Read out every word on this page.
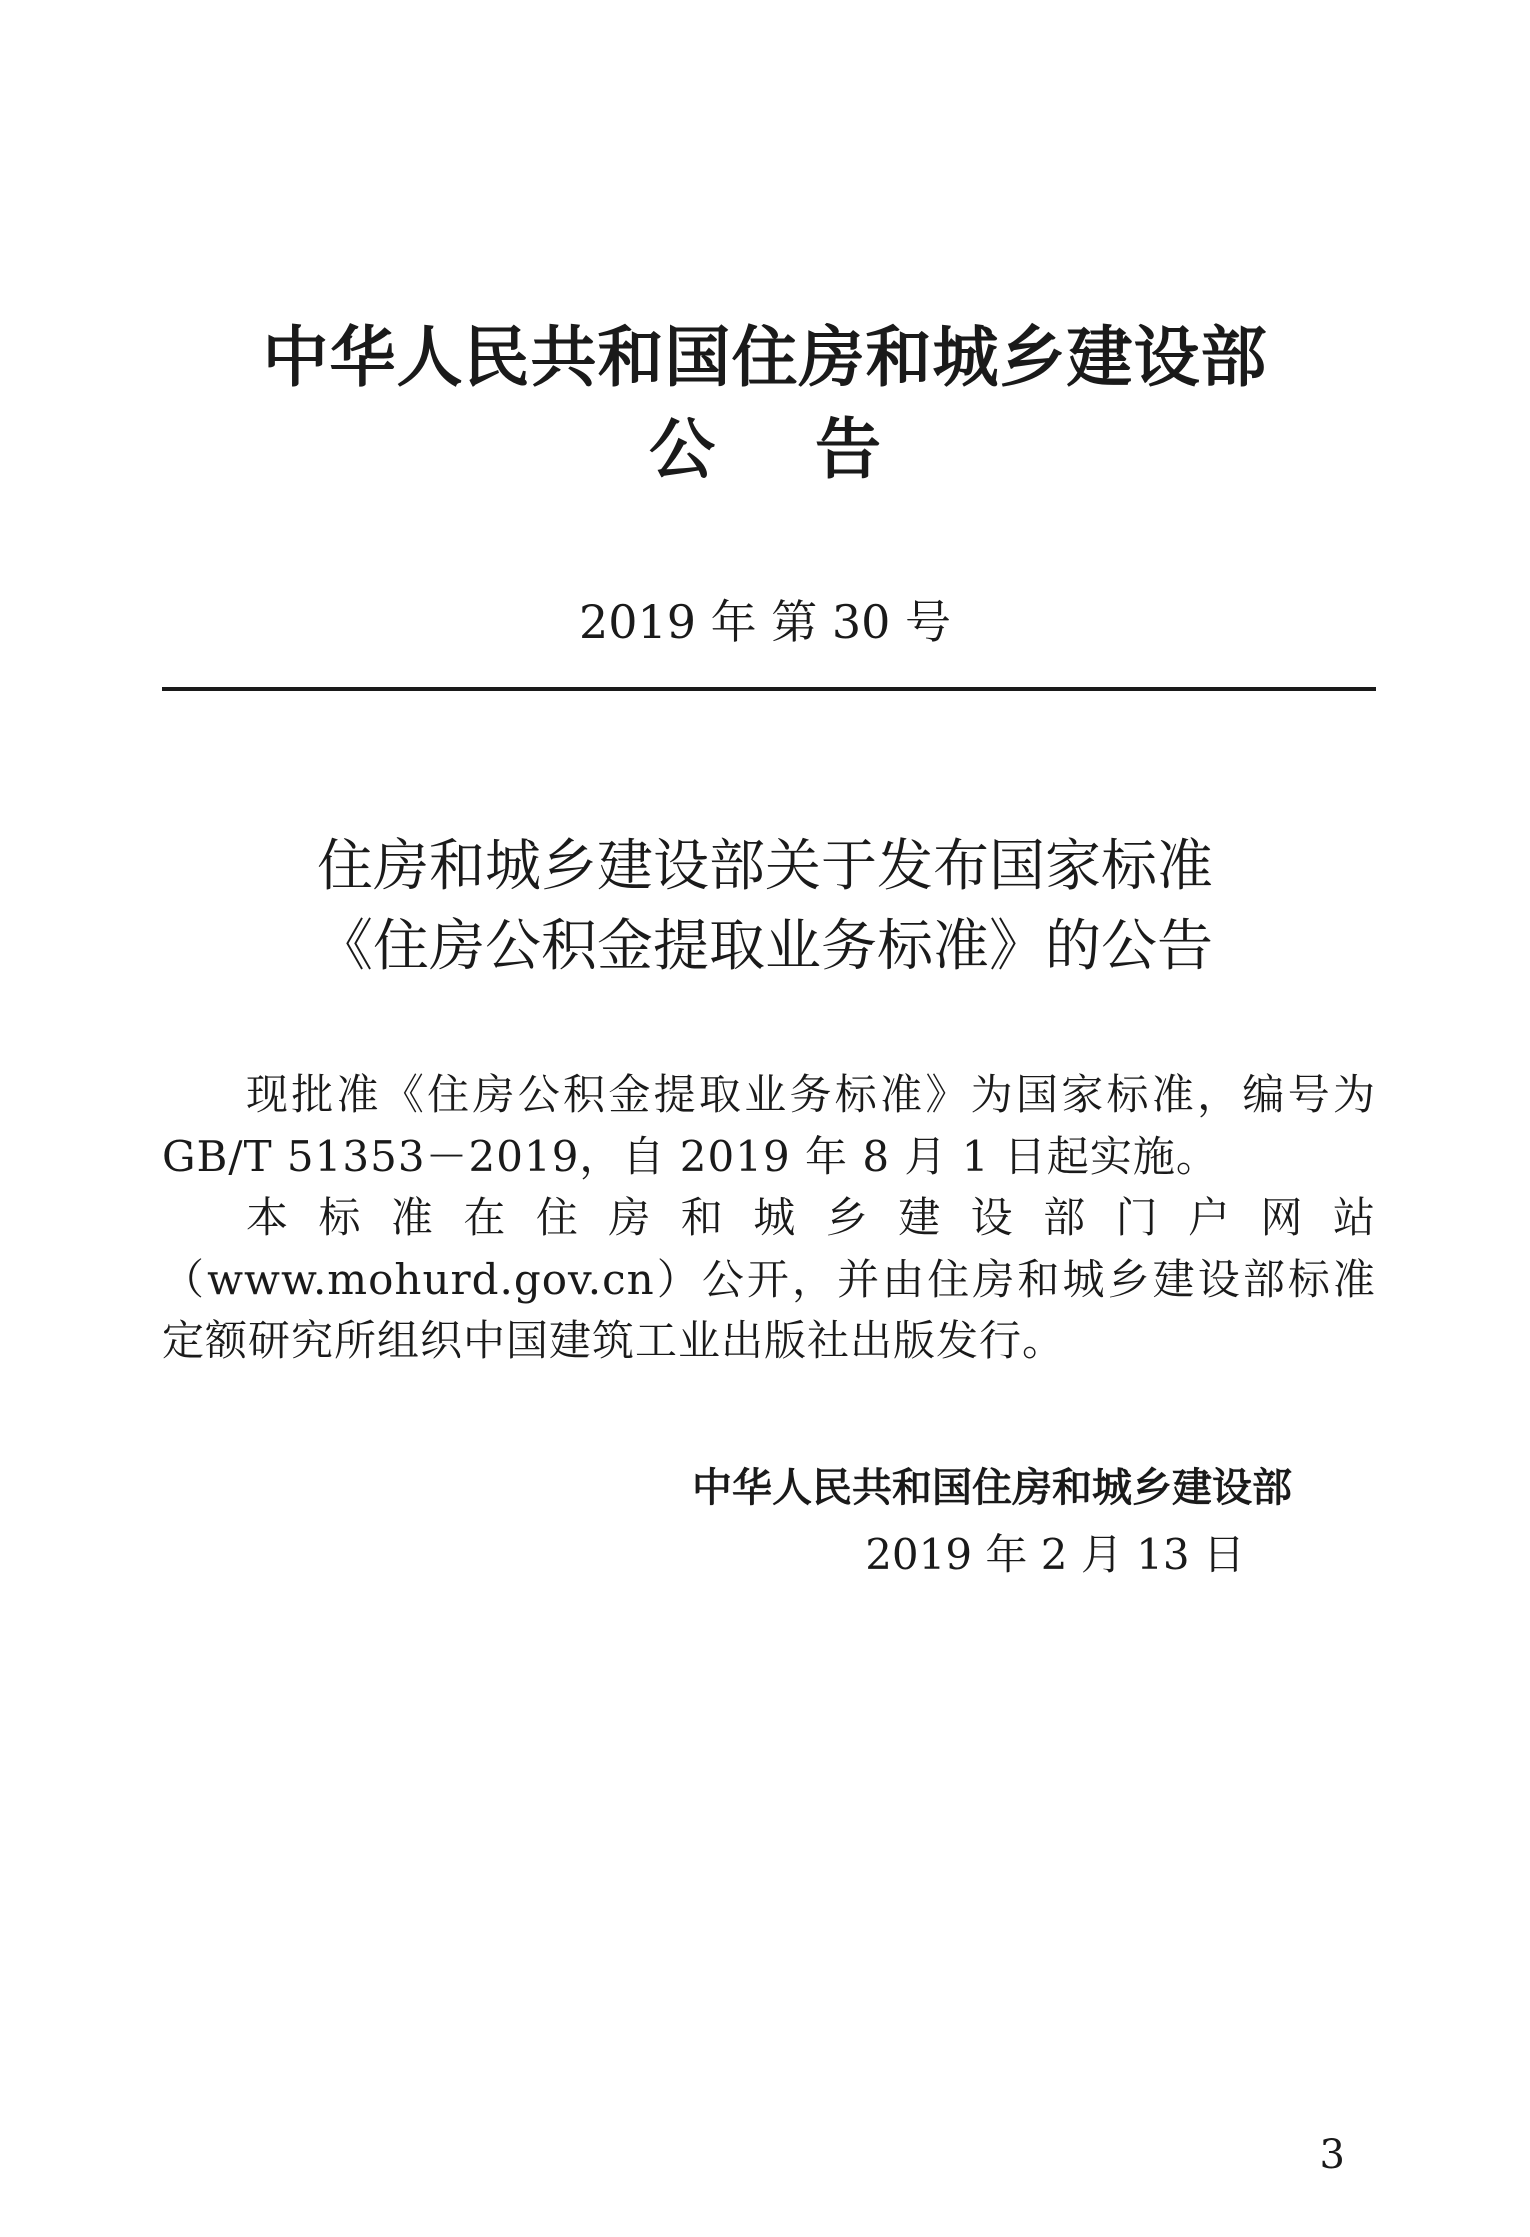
中华人民共和国住房和城乡建设部
公告
2019 年 第 30 号
住房和城乡建设部关于发布国家标准
《住房公积金提取业务标准》的公告

现批准《住房公积金提取业务标准》为国家标准，编号为 GB/T 51353－2019，自 2019 年 8 月 1 日起实施。

本标准在住房和城乡建设部门户网站（www.mohurd.gov.cn）公开，并由住房和城乡建设部标准定额研究所组织中国建筑工业出版社出版发行。

中华人民共和国住房和城乡建设部
2019 年 2 月 13 日
3
